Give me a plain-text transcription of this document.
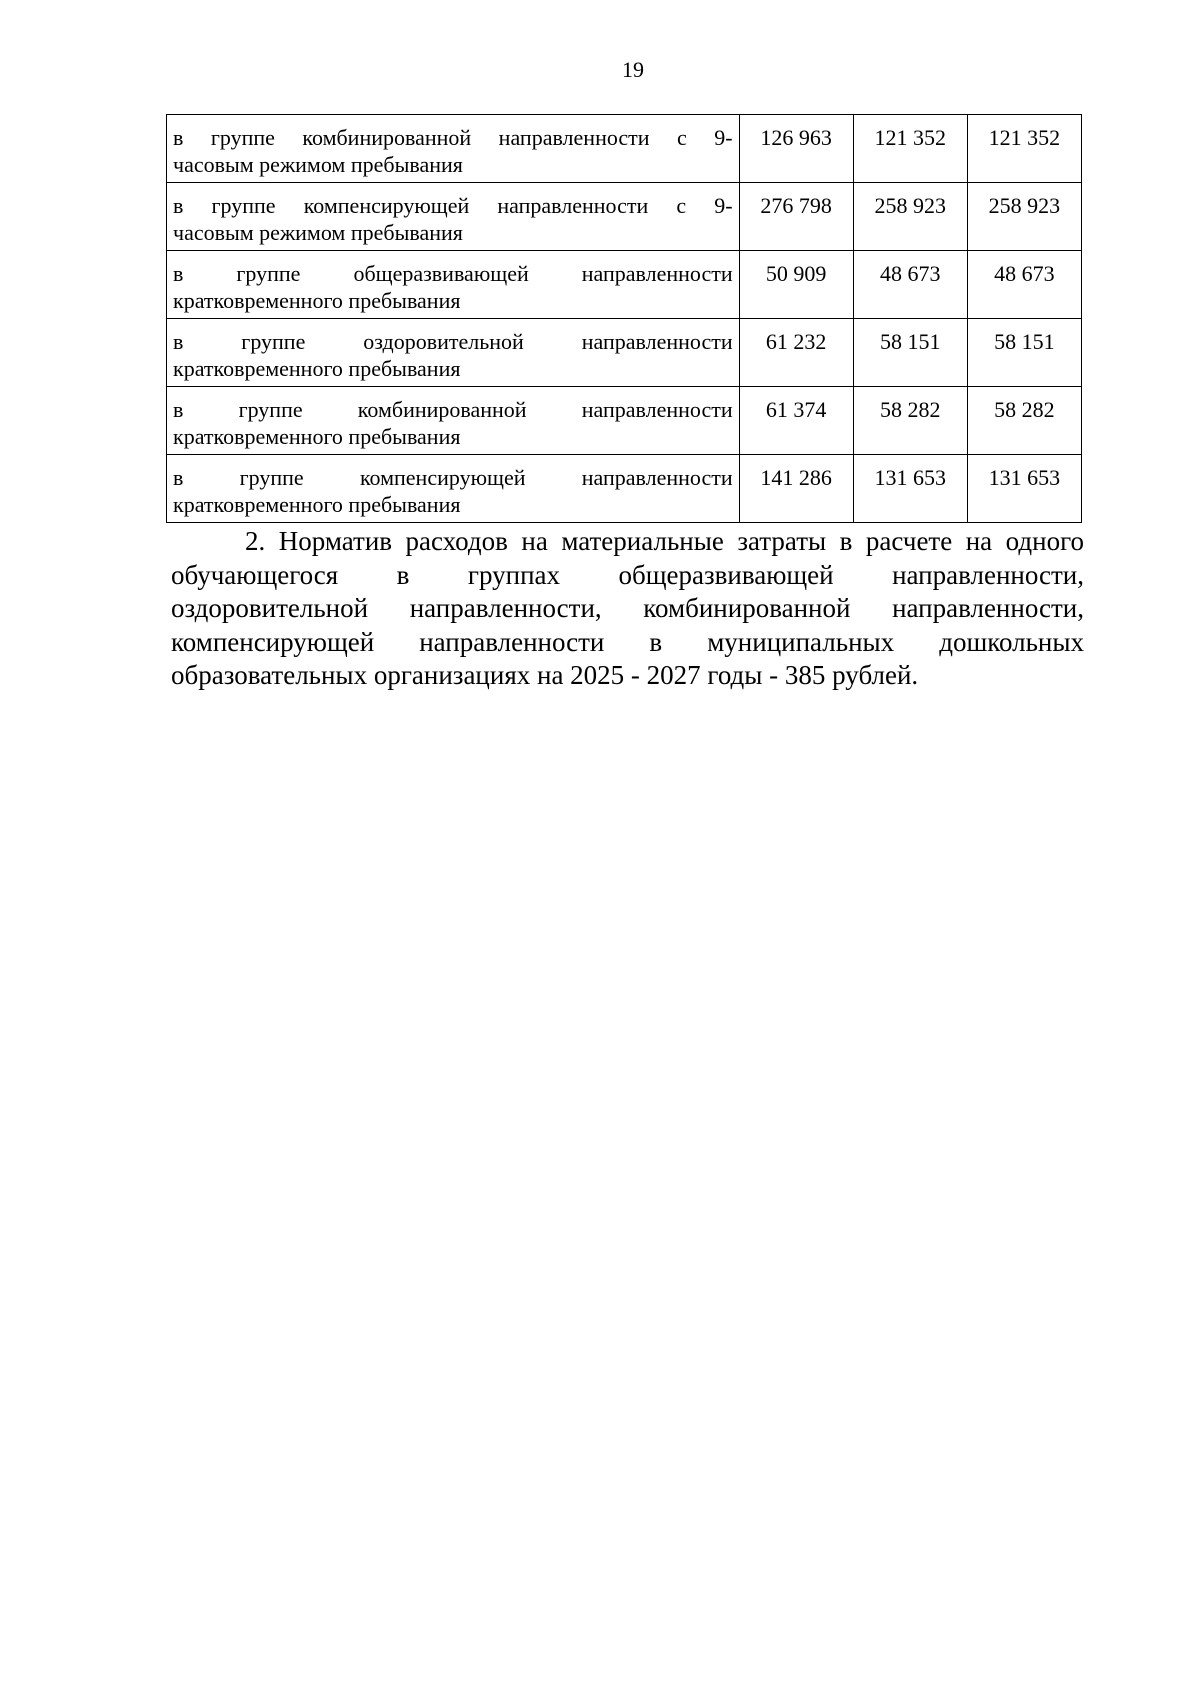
19
в группе комбинированной направленности с 9-
часовым режимом пребывания	126 963	121 352	121 352

в группе компенсирующей направленности с 9-
часовым режимом пребывания	276 798	258 923	258 923

в группе общеразвивающей направленности
кратковременного пребывания	50 909	48 673	48 673

в группе оздоровительной направленности
кратковременного пребывания	61 232	58 151	58 151

в группе комбинированной направленности
кратковременного пребывания	61 374	58 282	58 282

в группе компенсирующей направленности
кратковременного пребывания	141 286	131 653	131 653
2. Норматив расходов на материальные затраты в расчете на одного
обучающегося в группах общеразвивающей направленности,
оздоровительной направленности, комбинированной направленности,
компенсирующей направленности в муниципальных дошкольных
образовательных организациях на 2025 - 2027 годы - 385 рублей.
